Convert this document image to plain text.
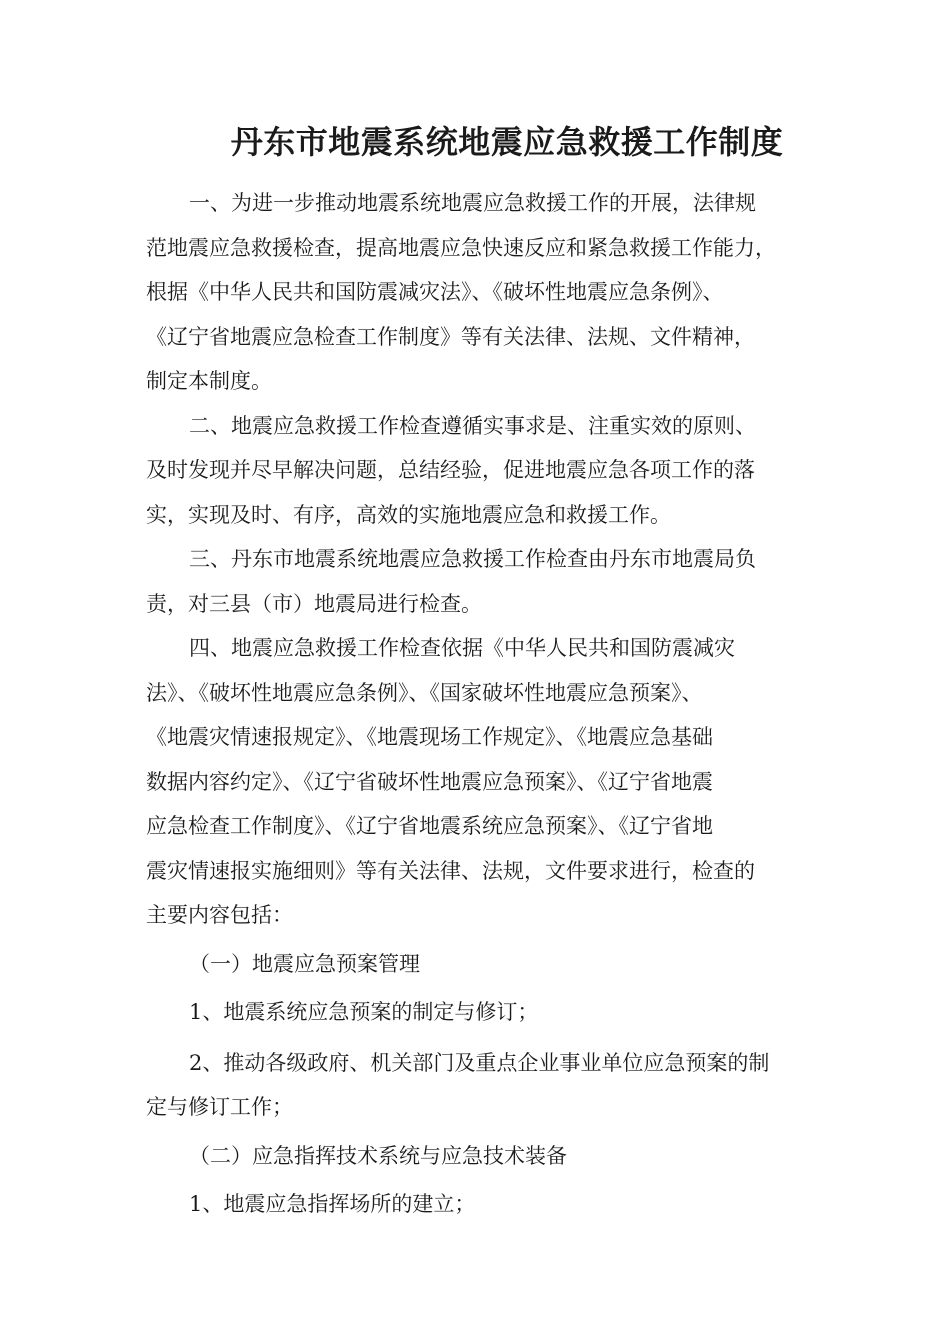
丹东市地震系统地震应急救援工作制度
一、为进一步推动地震系统地震应急救援工作的开展，法律规
范地震应急救援检查，提高地震应急快速反应和紧急救援工作能力，
根据《中华人民共和国防震减灾法》、《破坏性地震应急条例》、
《辽宁省地震应急检查工作制度》等有关法律、法规、文件精神，
制定本制度。
二、地震应急救援工作检查遵循实事求是、注重实效的原则、
及时发现并尽早解决问题，总结经验，促进地震应急各项工作的落
实，实现及时、有序，高效的实施地震应急和救援工作。
三、丹东市地震系统地震应急救援工作检查由丹东市地震局负
责，对三县（市）地震局进行检查。
四、地震应急救援工作检查依据《中华人民共和国防震减灾
法》、《破坏性地震应急条例》、《国家破坏性地震应急预案》、
《地震灾情速报规定》、《地震现场工作规定》、《地震应急基础
数据内容约定》、《辽宁省破坏性地震应急预案》、《辽宁省地震
应急检查工作制度》、《辽宁省地震系统应急预案》、《辽宁省地
震灾情速报实施细则》等有关法律、法规，文件要求进行，检查的
主要内容包括：
（一）地震应急预案管理
1、地震系统应急预案的制定与修订；
2、推动各级政府、机关部门及重点企业事业单位应急预案的制
定与修订工作；
（二）应急指挥技术系统与应急技术装备
1、地震应急指挥场所的建立；
